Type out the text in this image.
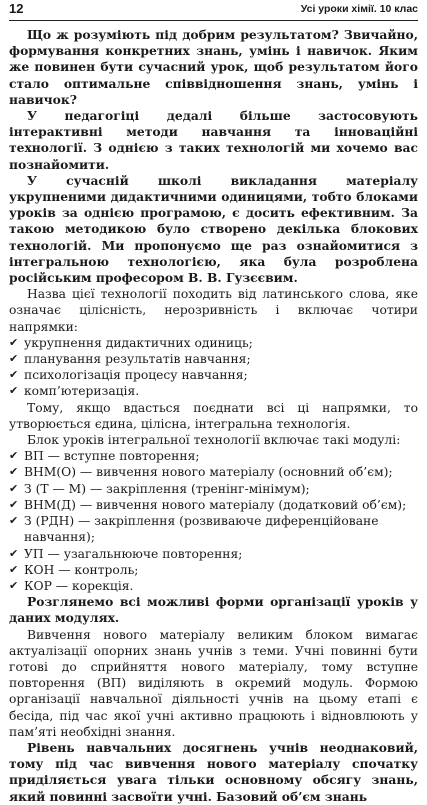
12	Усі уроки хімії. 10 клас

Що ж розуміють під добрим результатом? Звичайно, формування конкретних знань, умінь і навичок. Яким же повинен бути сучасний урок, щоб результатом його стало оптимальне співвідношення знань, умінь і навичок?

У педагогіці дедалі більше застосовують інтерактивні методи навчання та інноваційні технології. З однією з таких технологій ми хочемо вас познайомити.

У сучасній школі викладання матеріалу укрупненими дидактичними одиницями, тобто блоками уроків за однією програмою, є досить ефективним. За такою методикою було створено декілька блокових технологій. Ми пропонуємо ще раз ознайомитися з інтегральною технологією, яка була розроблена російським професором В. В. Гузєєвим.

Назва цієї технології походить від латинського слова, яке означає цілісність, нерозривність і включає чотири напрямки:

✔ укрупнення дидактичних одиниць;
✔ планування результатів навчання;
✔ психологізація процесу навчання;
✔ комп’ютеризація.

Тому, якщо вдасться поєднати всі ці напрямки, то утворюється єдина, цілісна, інтегральна технологія.

Блок уроків інтегральної технології включає такі модулі:

✔ ВП — вступне повторення;
✔ ВНМ(О) — вивчення нового матеріалу (основний об’єм);
✔ З (Т — М) — закріплення (тренінг-мінімум);
✔ ВНМ(Д) — вивчення нового матеріалу (додатковий об’єм);
✔ З (РДН) — закріплення (розвиваюче диференційоване навчання);
✔ УП — узагальнююче повторення;
✔ КОН — контроль;
✔ КОР — корекція.

Розглянемо всі можливі форми організації уроків у даних модулях.

Вивчення нового матеріалу великим блоком вимагає актуалізації опорних знань учнів з теми. Учні повинні бути готові до сприйняття нового матеріалу, тому вступне повторення (ВП) виділяють в окремий модуль. Формою організації навчальної діяльності учнів на цьому етапі є бесіда, під час якої учні активно працюють і відновлюють у пам’яті необхідні знання.

Рівень навчальних досягнень учнів неоднаковий, тому під час вивчення нового матеріалу спочатку приділяється увага тільки основному обсягу знань, який повинні засвоїти учні. Базовий об’єм знань
